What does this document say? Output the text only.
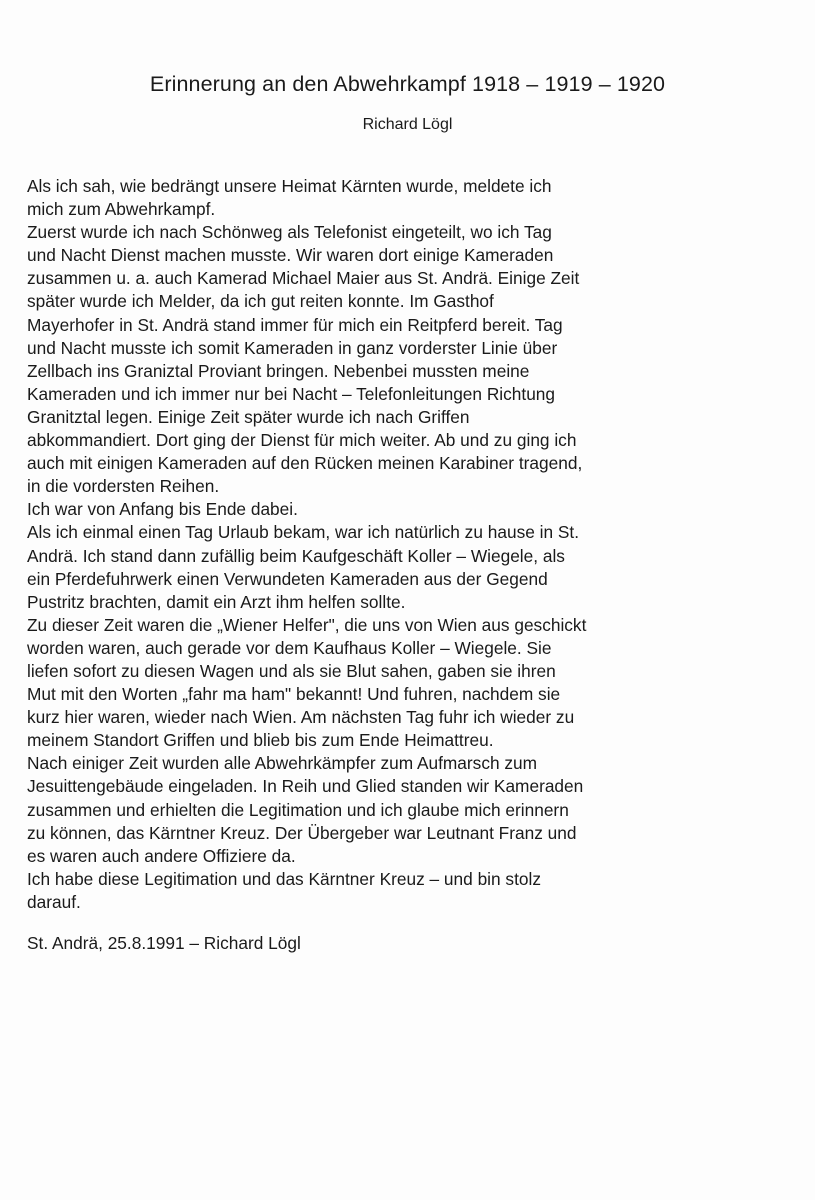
Erinnerung an den Abwehrkampf 1918 – 1919 – 1920

Richard Lögl

Als ich sah, wie bedrängt unsere Heimat Kärnten wurde, meldete ich
mich zum Abwehrkampf.
Zuerst wurde ich nach Schönweg als Telefonist eingeteilt, wo ich Tag
und Nacht Dienst machen musste. Wir waren dort einige Kameraden
zusammen u. a. auch Kamerad Michael Maier aus St. Andrä. Einige Zeit
später wurde ich Melder, da ich gut reiten konnte. Im Gasthof
Mayerhofer in St. Andrä stand immer für mich ein Reitpferd bereit. Tag
und Nacht musste ich somit Kameraden in ganz vorderster Linie über
Zellbach ins Graniztal Proviant bringen. Nebenbei mussten meine
Kameraden und ich immer nur bei Nacht – Telefonleitungen Richtung
Granitztal legen. Einige Zeit später wurde ich nach Griffen
abkommandiert. Dort ging der Dienst für mich weiter. Ab und zu ging ich
auch mit einigen Kameraden auf den Rücken meinen Karabiner tragend,
in die vordersten Reihen.
Ich war von Anfang bis Ende dabei.
Als ich einmal einen Tag Urlaub bekam, war ich natürlich zu hause in St.
Andrä. Ich stand dann zufällig beim Kaufgeschäft Koller – Wiegele, als
ein Pferdefuhrwerk einen Verwundeten Kameraden aus der Gegend
Pustritz brachten, damit ein Arzt ihm helfen sollte.
Zu dieser Zeit waren die „Wiener Helfer", die uns von Wien aus geschickt
worden waren, auch gerade vor dem Kaufhaus Koller – Wiegele. Sie
liefen sofort zu diesen Wagen und als sie Blut sahen, gaben sie ihren
Mut mit den Worten „fahr ma ham" bekannt! Und fuhren, nachdem sie
kurz hier waren, wieder nach Wien. Am nächsten Tag fuhr ich wieder zu
meinem Standort Griffen und blieb bis zum Ende Heimattreu.
Nach einiger Zeit wurden alle Abwehrkämpfer zum Aufmarsch zum
Jesuittengebäude eingeladen. In Reih und Glied standen wir Kameraden
zusammen und erhielten die Legitimation und ich glaube mich erinnern
zu können, das Kärntner Kreuz. Der Übergeber war Leutnant Franz und
es waren auch andere Offiziere da.
Ich habe diese Legitimation und das Kärntner Kreuz – und bin stolz
darauf.
St. Andrä, 25.8.1991 – Richard Lögl
